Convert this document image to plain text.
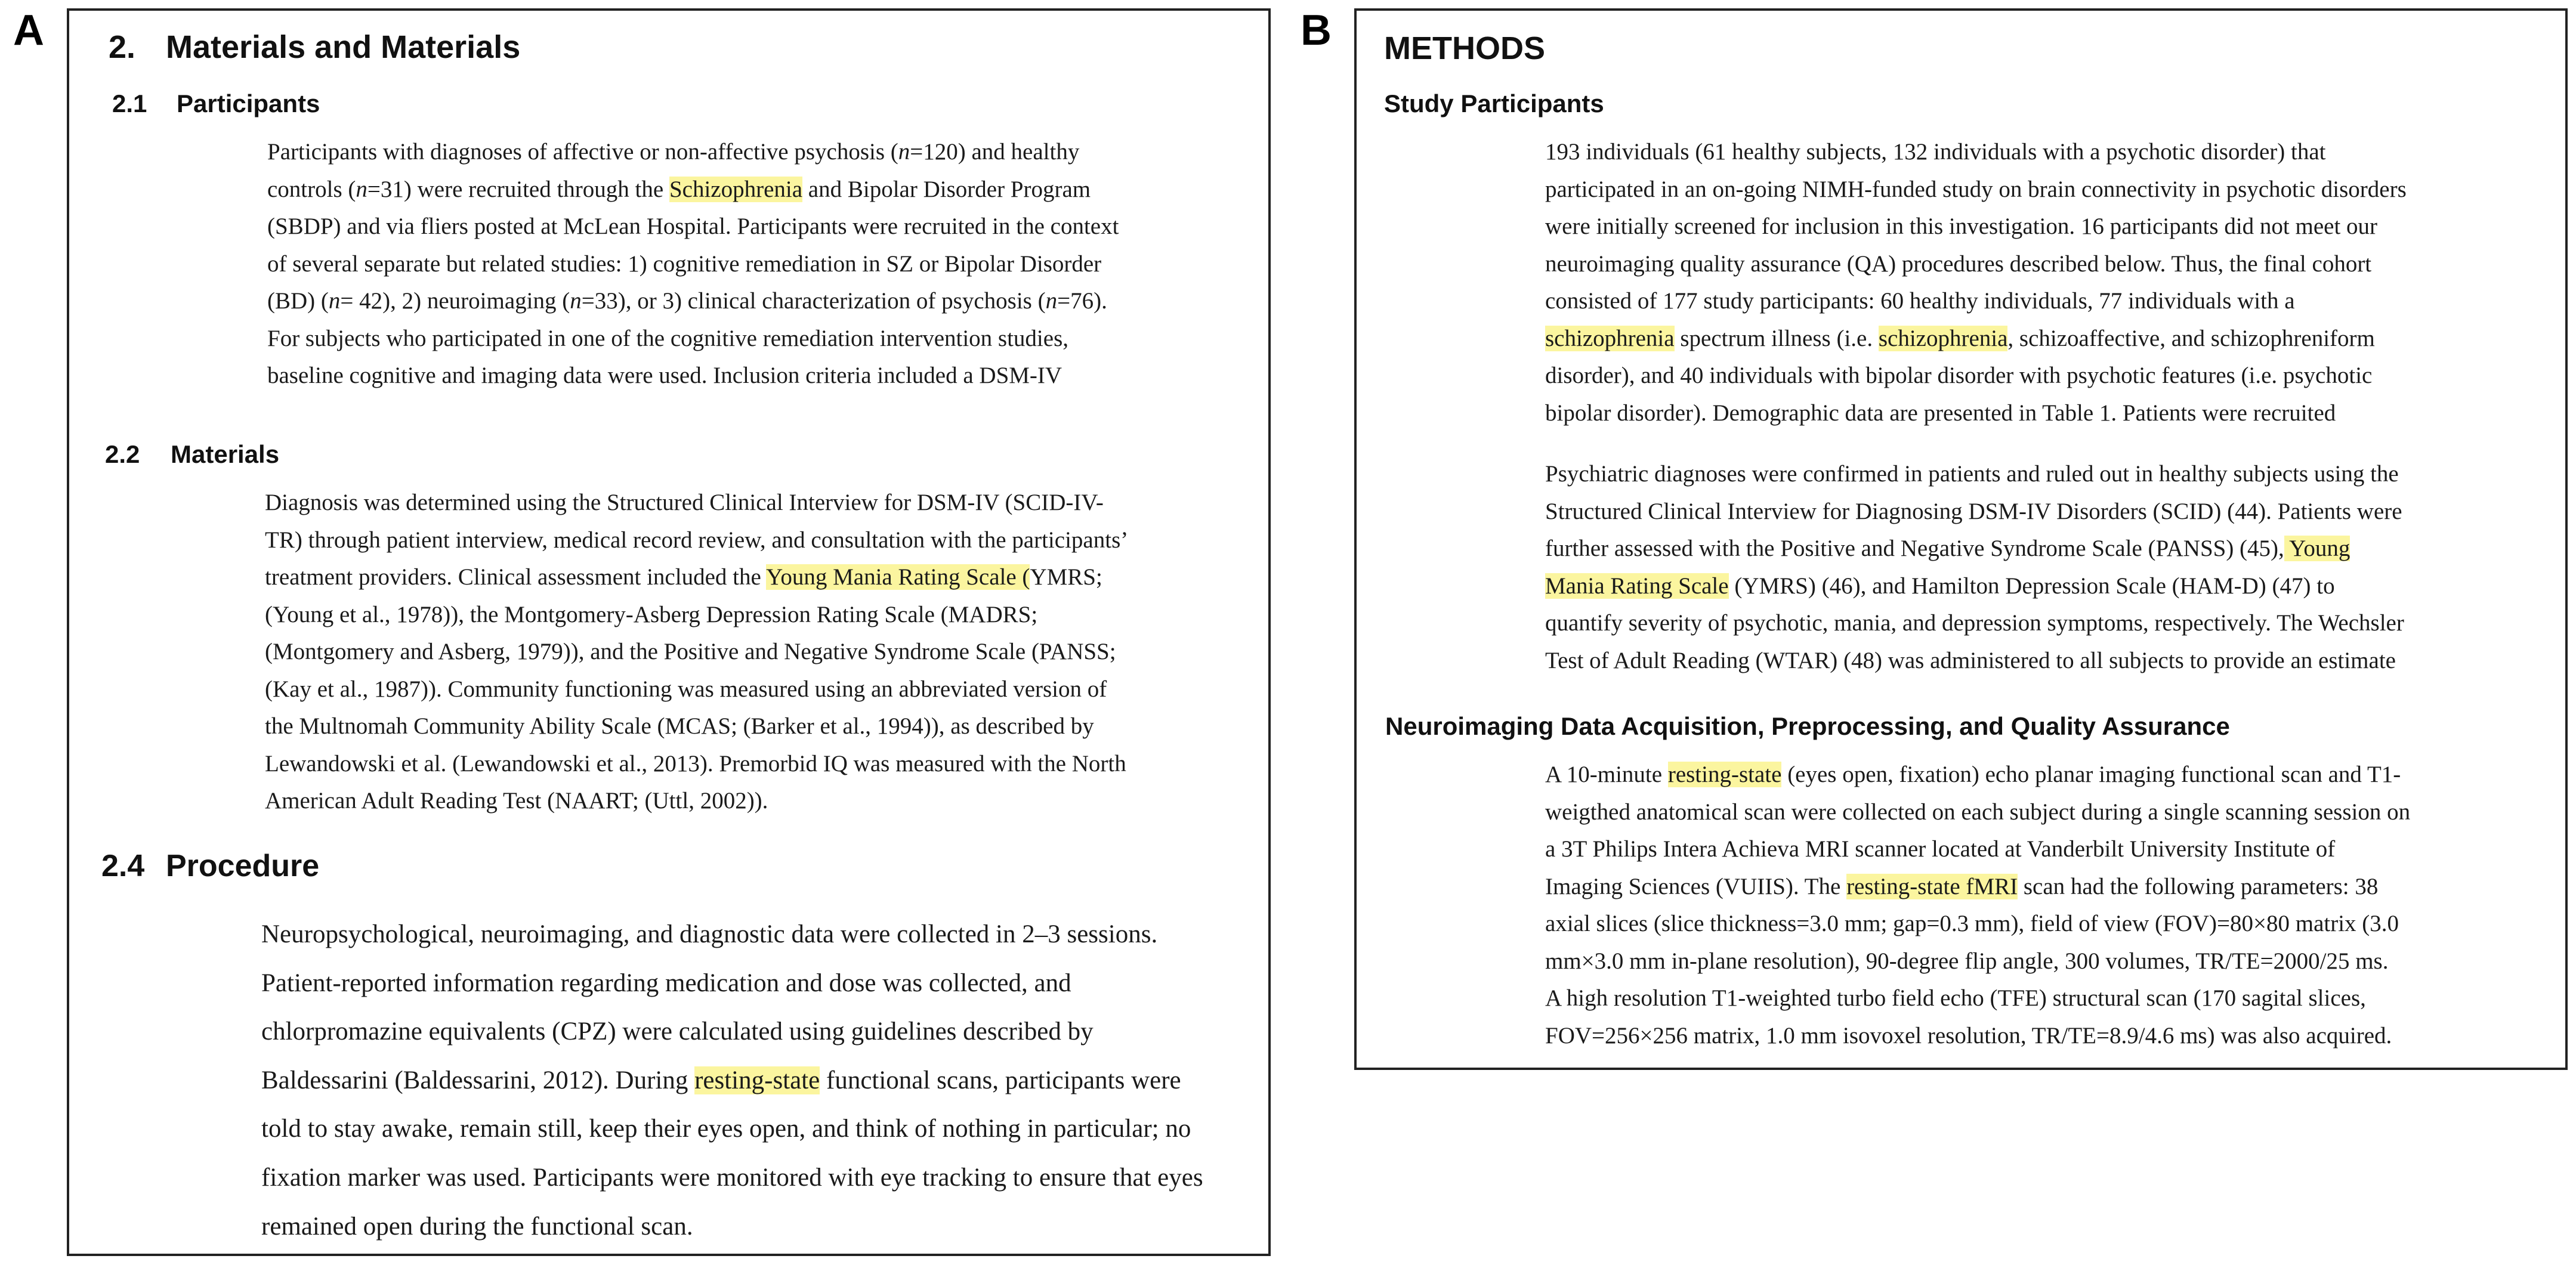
A	B
2. Materials and Materials
2.1 Participants
Participants with diagnoses of affective or non-affective psychosis (n=120) and healthy
controls (n=31) were recruited through the Schizophrenia and Bipolar Disorder Program
(SBDP) and via fliers posted at McLean Hospital. Participants were recruited in the context
of several separate but related studies: 1) cognitive remediation in SZ or Bipolar Disorder
(BD) (n= 42), 2) neuroimaging (n=33), or 3) clinical characterization of psychosis (n=76).
For subjects who participated in one of the cognitive remediation intervention studies,
baseline cognitive and imaging data were used. Inclusion criteria included a DSM-IV
2.2 Materials
Diagnosis was determined using the Structured Clinical Interview for DSM-IV (SCID-IV-
TR) through patient interview, medical record review, and consultation with the participants’
treatment providers. Clinical assessment included the Young Mania Rating Scale (YMRS;
(Young et al., 1978)), the Montgomery-Asberg Depression Rating Scale (MADRS;
(Montgomery and Asberg, 1979)), and the Positive and Negative Syndrome Scale (PANSS;
(Kay et al., 1987)). Community functioning was measured using an abbreviated version of
the Multnomah Community Ability Scale (MCAS; (Barker et al., 1994)), as described by
Lewandowski et al. (Lewandowski et al., 2013). Premorbid IQ was measured with the North
American Adult Reading Test (NAART; (Uttl, 2002)).
2.4 Procedure
Neuropsychological, neuroimaging, and diagnostic data were collected in 2–3 sessions.
Patient-reported information regarding medication and dose was collected, and
chlorpromazine equivalents (CPZ) were calculated using guidelines described by
Baldessarini (Baldessarini, 2012). During resting-state functional scans, participants were
told to stay awake, remain still, keep their eyes open, and think of nothing in particular; no
fixation marker was used. Participants were monitored with eye tracking to ensure that eyes
remained open during the functional scan.
METHODS
Study Participants
193 individuals (61 healthy subjects, 132 individuals with a psychotic disorder) that
participated in an on-going NIMH-funded study on brain connectivity in psychotic disorders
were initially screened for inclusion in this investigation. 16 participants did not meet our
neuroimaging quality assurance (QA) procedures described below. Thus, the final cohort
consisted of 177 study participants: 60 healthy individuals, 77 individuals with a
schizophrenia spectrum illness (i.e. schizophrenia, schizoaffective, and schizophreniform
disorder), and 40 individuals with bipolar disorder with psychotic features (i.e. psychotic
bipolar disorder). Demographic data are presented in Table 1. Patients were recruited
Psychiatric diagnoses were confirmed in patients and ruled out in healthy subjects using the
Structured Clinical Interview for Diagnosing DSM-IV Disorders (SCID) (44). Patients were
further assessed with the Positive and Negative Syndrome Scale (PANSS) (45), Young
Mania Rating Scale (YMRS) (46), and Hamilton Depression Scale (HAM-D) (47) to
quantify severity of psychotic, mania, and depression symptoms, respectively. The Wechsler
Test of Adult Reading (WTAR) (48) was administered to all subjects to provide an estimate
Neuroimaging Data Acquisition, Preprocessing, and Quality Assurance
A 10-minute resting-state (eyes open, fixation) echo planar imaging functional scan and T1-
weigthed anatomical scan were collected on each subject during a single scanning session on
a 3T Philips Intera Achieva MRI scanner located at Vanderbilt University Institute of
Imaging Sciences (VUIIS). The resting-state fMRI scan had the following parameters: 38
axial slices (slice thickness=3.0 mm; gap=0.3 mm), field of view (FOV)=80×80 matrix (3.0
mm×3.0 mm in-plane resolution), 90-degree flip angle, 300 volumes, TR/TE=2000/25 ms.
A high resolution T1-weighted turbo field echo (TFE) structural scan (170 sagital slices,
FOV=256×256 matrix, 1.0 mm isovoxel resolution, TR/TE=8.9/4.6 ms) was also acquired.
